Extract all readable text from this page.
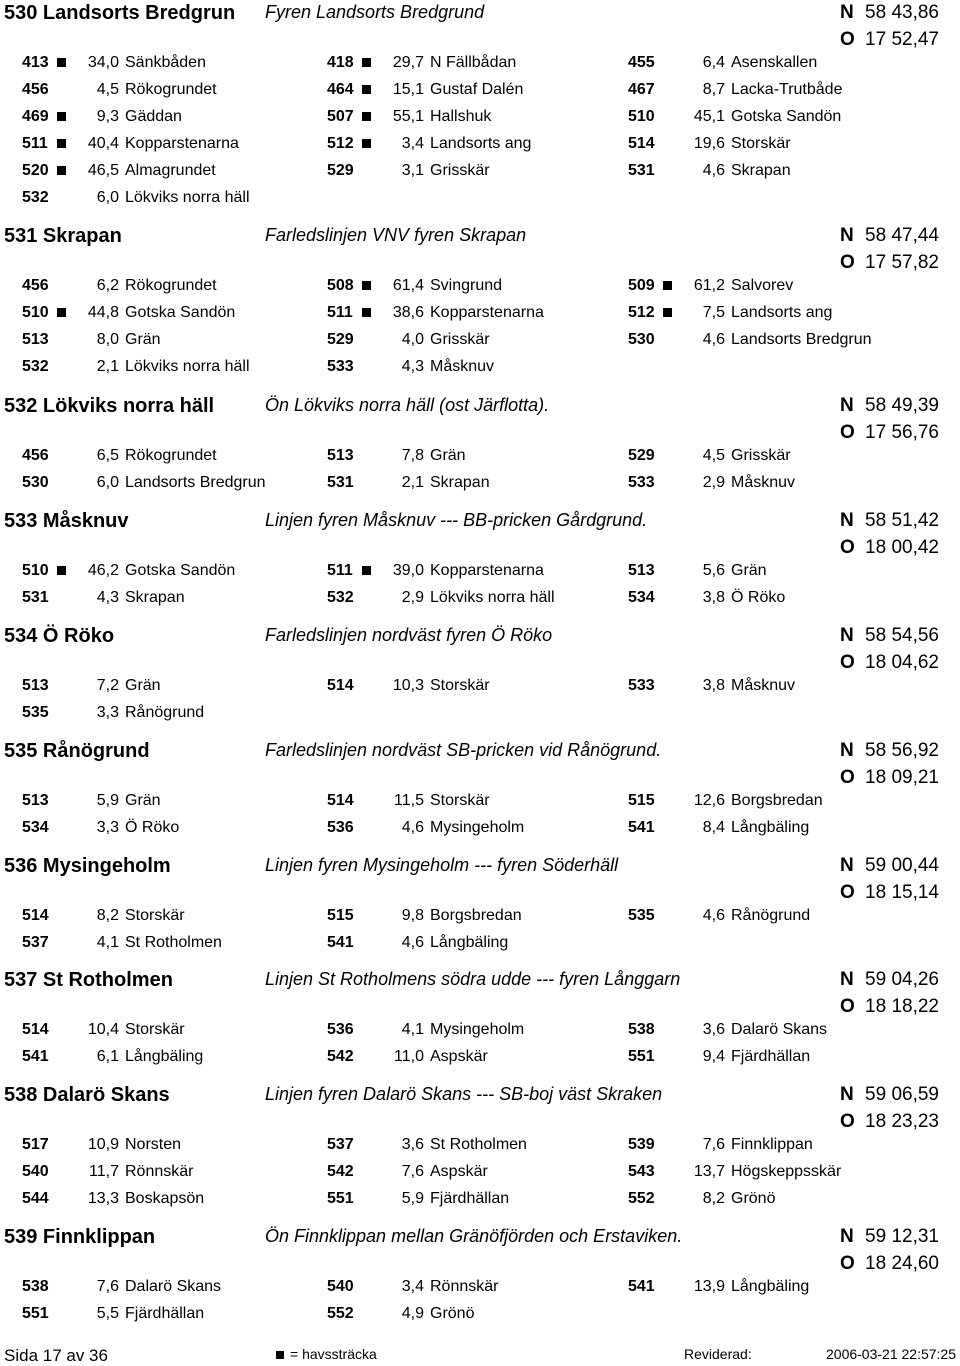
530 Landsorts Bredgrun Fyren Landsorts Bredgrund	N 58 43,86
O 17 52,47
413	34,0 Sänkbåden	418	29,7 N Fällbådan	455	6,4 Asenskallen
456	4,5 Rökogrundet	464	15,1 Gustaf Dalén	467	8,7 Lacka-Trutbåde
469	9,3 Gäddan	507	55,1 Hallshuk	510	45,1 Gotska Sandön
511	40,4 Kopparstenarna	512	3,4 Landsorts ang	514	19,6 Storskär
520	46,5 Almagrundet	529	3,1 Grisskär	531	4,6 Skrapan
532	6,0 Lökviks norra häll
531 Skrapan	Farledslinjen VNV fyren Skrapan	N 58 47,44
O 17 57,82
456	6,2 Rökogrundet	508	61,4 Svingrund	509	61,2 Salvorev
510	44,8 Gotska Sandön	511	38,6 Kopparstenarna	512	7,5 Landsorts ang
513	8,0 Grän	529	4,0 Grisskär	530	4,6 Landsorts Bredgrun
532	2,1 Lökviks norra häll	533	4,3 Måsknuv
532 Lökviks norra häll	Ön Lökviks norra häll (ost Järflotta).	N 58 49,39
O 17 56,76
456	6,5 Rökogrundet	513	7,8 Grän	529	4,5 Grisskär
530	6,0 Landsorts Bredgrun	531	2,1 Skrapan	533	2,9 Måsknuv
533 Måsknuv	Linjen fyren Måsknuv --- BB-pricken Gårdgrund.	N 58 51,42
O 18 00,42
510	46,2 Gotska Sandön	511	39,0 Kopparstenarna	513	5,6 Grän
531	4,3 Skrapan	532	2,9 Lökviks norra häll	534	3,8 Ö Röko
534 Ö Röko	Farledslinjen nordväst fyren Ö Röko	N 58 54,56
O 18 04,62
513	7,2 Grän	514	10,3 Storskär	533	3,8 Måsknuv
535	3,3 Rånögrund
535 Rånögrund	Farledslinjen nordväst SB-pricken vid Rånögrund.	N 58 56,92
O 18 09,21
513	5,9 Grän	514	11,5 Storskär	515	12,6 Borgsbredan
534	3,3 Ö Röko	536	4,6 Mysingeholm	541	8,4 Långbäling
536 Mysingeholm	Linjen fyren Mysingeholm --- fyren Söderhäll	N 59 00,44
O 18 15,14
514	8,2 Storskär	515	9,8 Borgsbredan	535	4,6 Rånögrund
537	4,1 St Rotholmen	541	4,6 Långbäling
537 St Rotholmen	Linjen St Rotholmens södra udde --- fyren Långgarn	N 59 04,26
O 18 18,22
514	10,4 Storskär	536	4,1 Mysingeholm	538	3,6 Dalarö Skans
541	6,1 Långbäling	542	11,0 Aspskär	551	9,4 Fjärdhällan
538 Dalarö Skans	Linjen fyren Dalarö Skans --- SB-boj väst Skraken	N 59 06,59
O 18 23,23
517	10,9 Norsten	537	3,6 St Rotholmen	539	7,6 Finnklippan
540	11,7 Rönnskär	542	7,6 Aspskär	543	13,7 Högskeppsskär
544	13,3 Boskapsön	551	5,9 Fjärdhällan	552	8,2 Grönö
539 Finnklippan	Ön Finnklippan mellan Gränöfjörden och Erstaviken.	N 59 12,31
O 18 24,60
538	7,6 Dalarö Skans	540	3,4 Rönnskär	541	13,9 Långbäling
551	5,5 Fjärdhällan	552	4,9 Grönö
Sida 17 av 36	= havssträcka	Reviderad:	2006-03-21 22:57:25
